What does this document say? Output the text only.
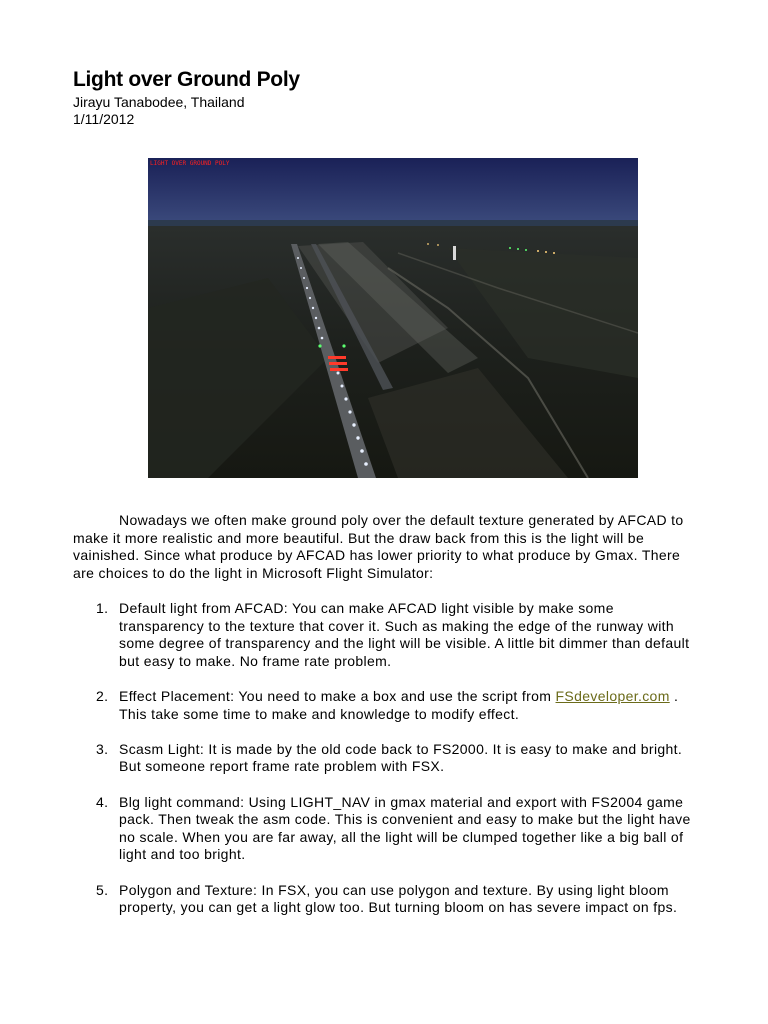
Light over Ground Poly
Jirayu Tanabodee, Thailand
1/11/2012
LIGHT OVER GROUND POLY

Nowadays we often make ground poly over the default texture generated by AFCAD to make it more realistic and more beautiful. But the draw back from this is the light will be vainished. Since what produce by AFCAD has lower priority to what produce by Gmax. There are choices to do the light in Microsoft Flight Simulator:

1. Default light from AFCAD: You can make AFCAD light visible by make some transparency to the texture that cover it. Such as making the edge of the runway with some degree of transparency and the light will be visible. A little bit dimmer than default but easy to make. No frame rate problem.
2. Effect Placement: You need to make a box and use the script from FSdeveloper.com . This take some time to make and knowledge to modify effect.
3. Scasm Light: It is made by the old code back to FS2000. It is easy to make and bright. But someone report frame rate problem with FSX.
4. Blg light command: Using LIGHT_NAV in gmax material and export with FS2004 game pack. Then tweak the asm code. This is convenient and easy to make but the light have no scale. When you are far away, all the light will be clumped together like a big ball of light and too bright.
5. Polygon and Texture: In FSX, you can use polygon and texture. By using light bloom property, you can get a light glow too. But turning bloom on has severe impact on fps.
